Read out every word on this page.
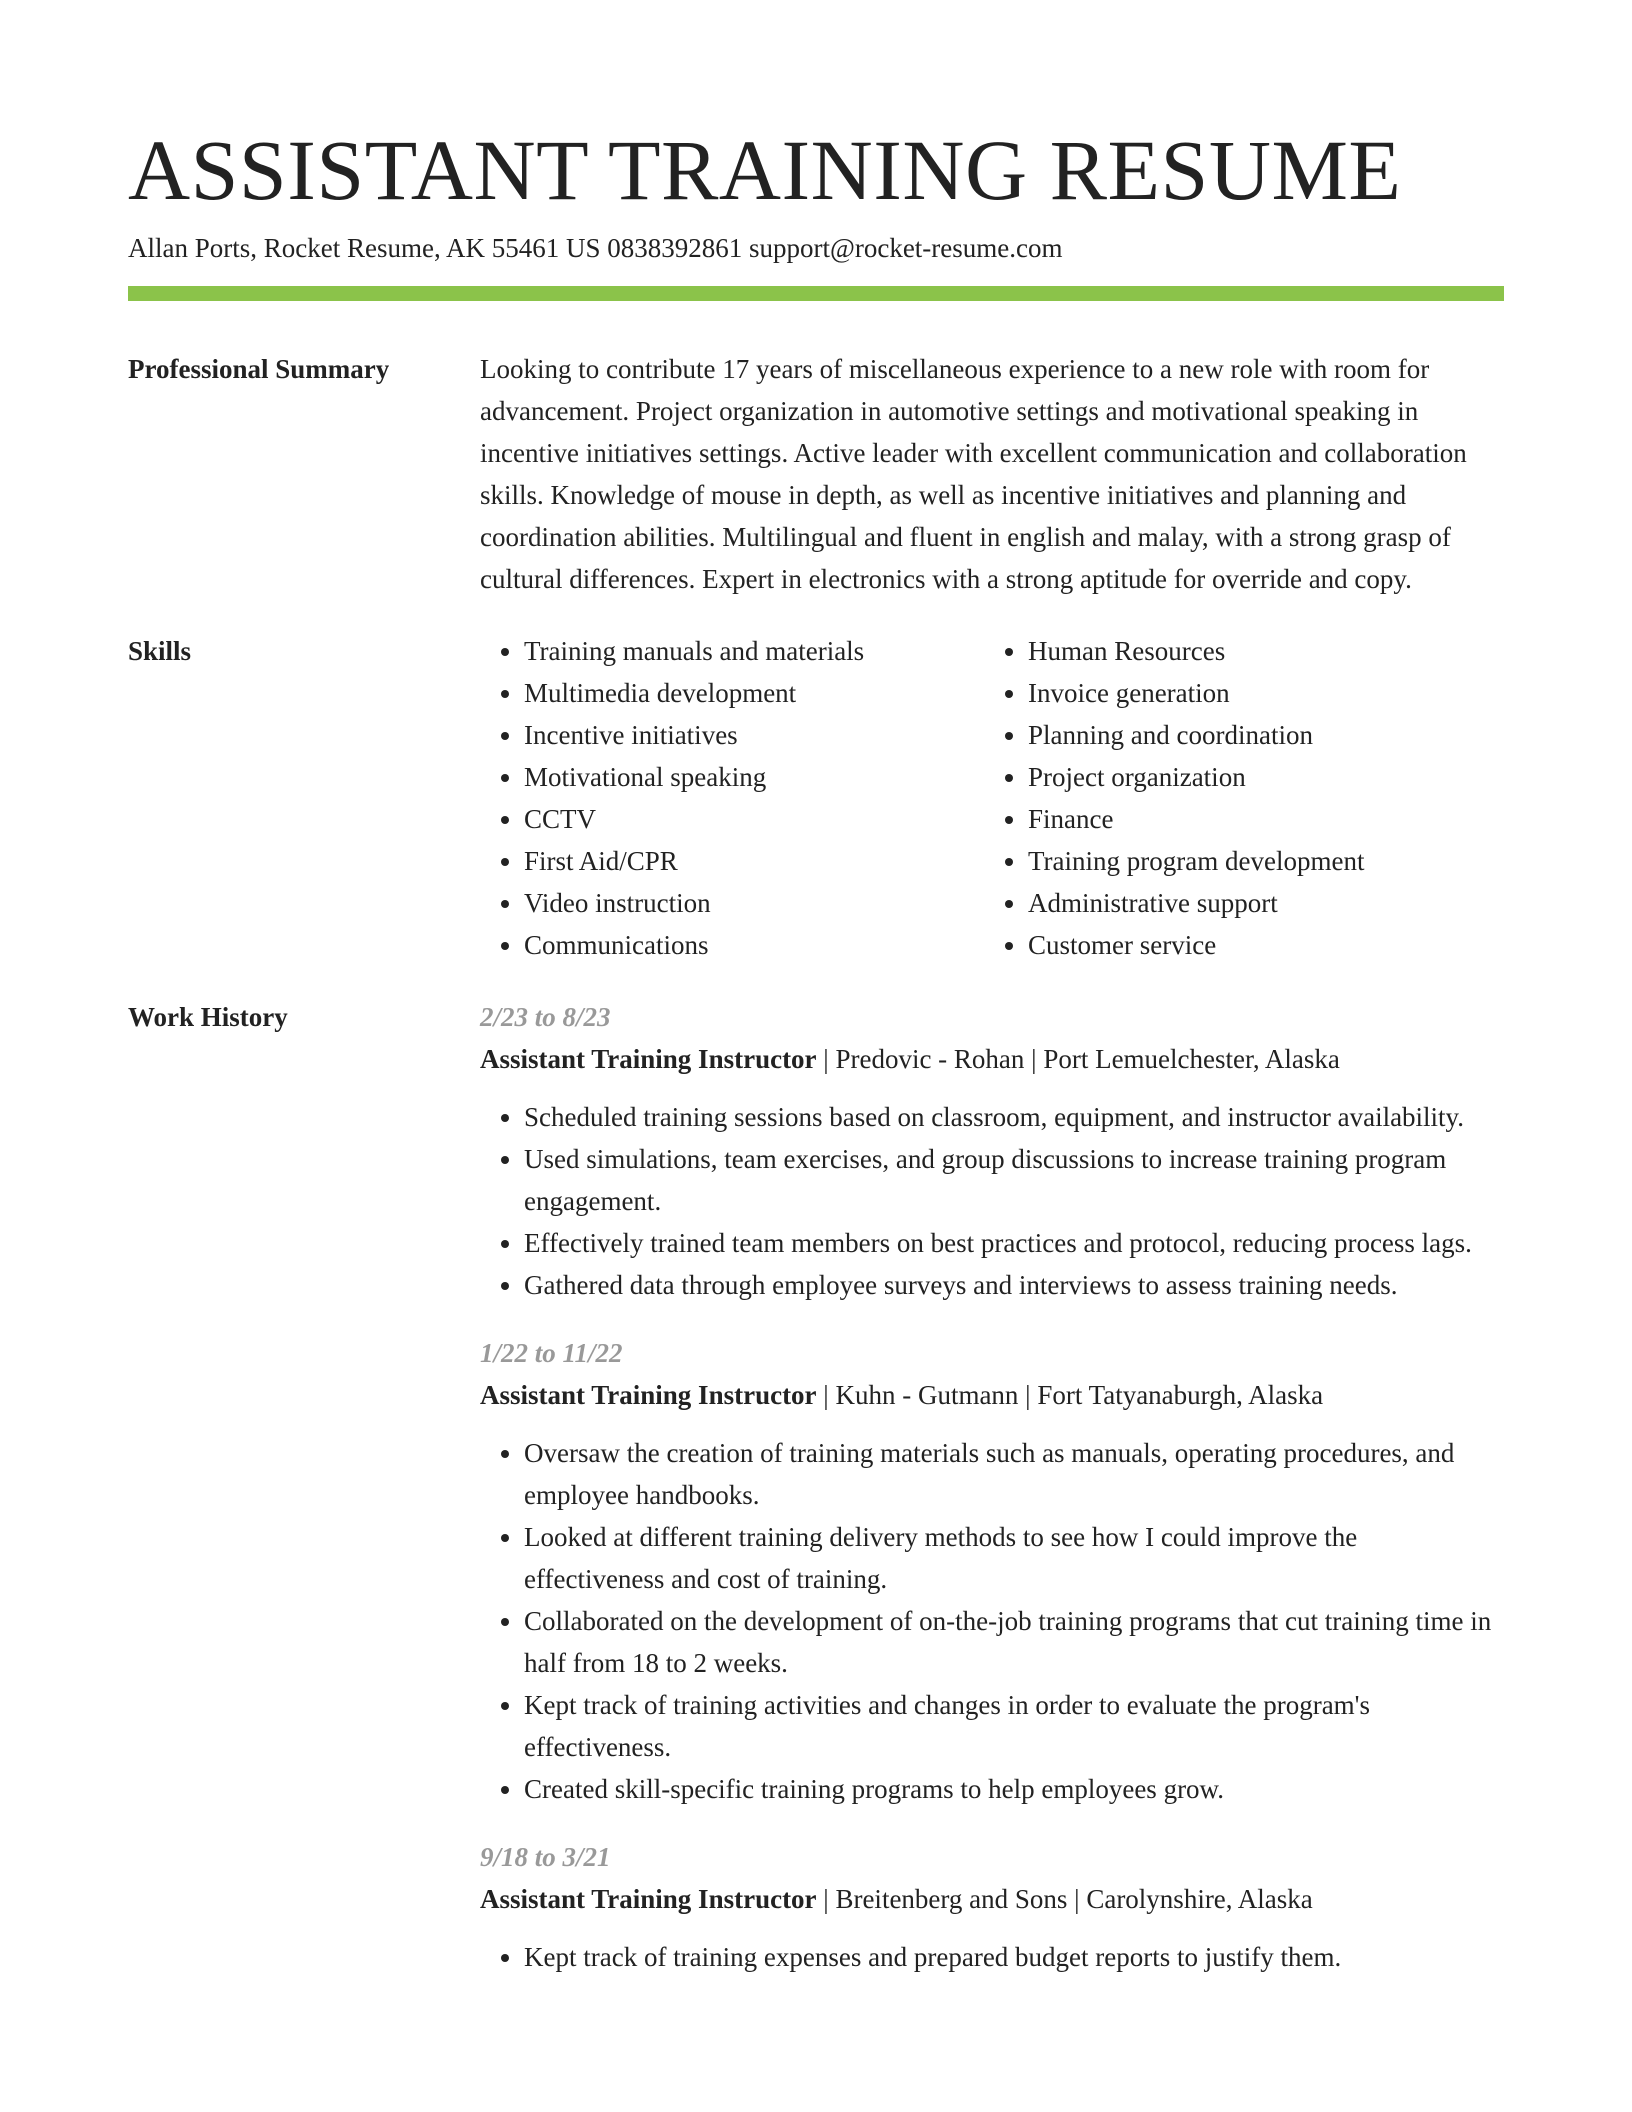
ASSISTANT TRAINING RESUME
Allan Ports, Rocket Resume, AK 55461 US 0838392861 support@rocket-resume.com
Professional Summary	Looking to contribute 17 years of miscellaneous experience to a new role with room for advancement. Project organization in automotive settings and motivational speaking in incentive initiatives settings. Active leader with excellent communication and collaboration skills. Knowledge of mouse in depth, as well as incentive initiatives and planning and coordination abilities. Multilingual and fluent in english and malay, with a strong grasp of cultural differences. Expert in electronics with a strong aptitude for override and copy.

Skills
•	Training manuals and materials
• Multimedia development
• Incentive initiatives
• Motivational speaking
• CCTV
• First Aid/CPR
• Video instruction
• Communications
• Human Resources
• Invoice generation
• Planning and coordination
• Project organization
• Finance
• Training program development
• Administrative support
• Customer service
Work History	2/23 to 8/23
Assistant Training Instructor | Predovic - Rohan | Port Lemuelchester, Alaska
• Scheduled training sessions based on classroom, equipment, and instructor availability.
• Used simulations, team exercises, and group discussions to increase training program engagement.
• Effectively trained team members on best practices and protocol, reducing process lags.
• Gathered data through employee surveys and interviews to assess training needs.
1/22 to 11/22
Assistant Training Instructor | Kuhn - Gutmann | Fort Tatyanaburgh, Alaska
• Oversaw the creation of training materials such as manuals, operating procedures, and employee handbooks.
• Looked at different training delivery methods to see how I could improve the effectiveness and cost of training.
• Collaborated on the development of on-the-job training programs that cut training time in half from 18 to 2 weeks.
• Kept track of training activities and changes in order to evaluate the program's effectiveness.
• Created skill-specific training programs to help employees grow.
9/18 to 3/21
Assistant Training Instructor | Breitenberg and Sons | Carolynshire, Alaska
• Kept track of training expenses and prepared budget reports to justify them.
